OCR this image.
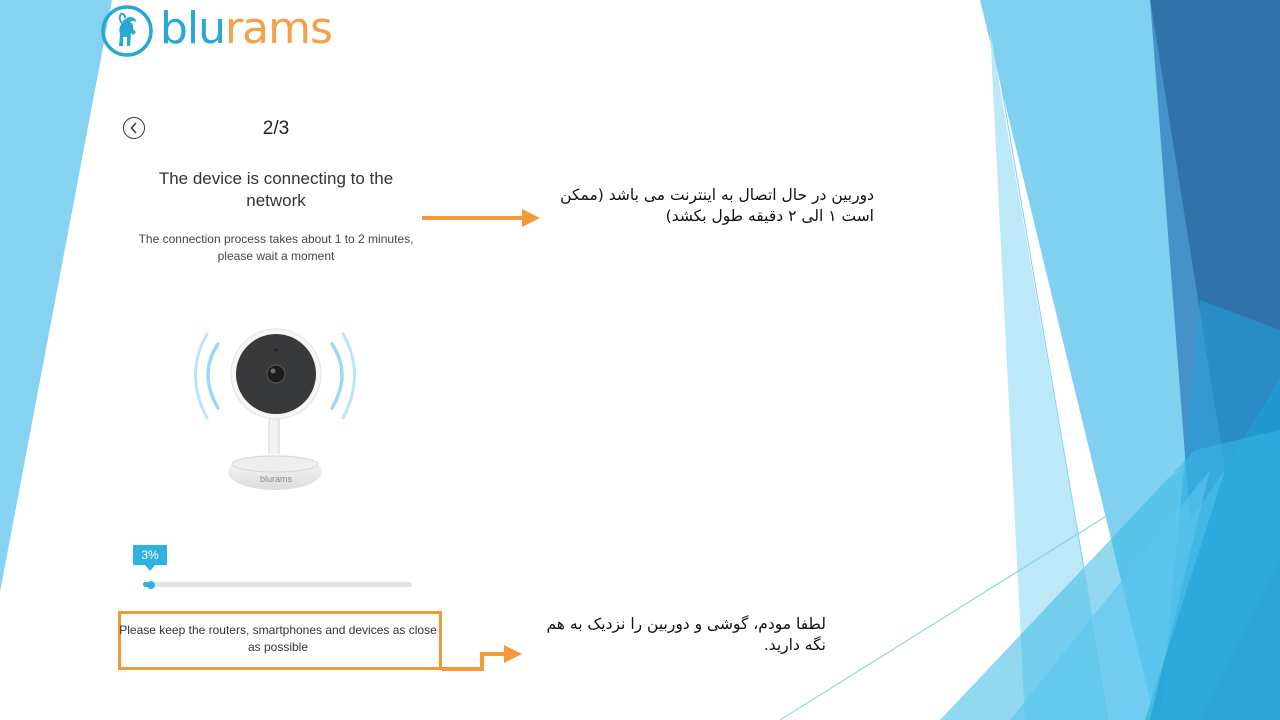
blurams
2/3
The device is connecting to the network
The connection process takes about 1 to 2 minutes, please wait a moment
blurams
3%
Please keep the routers, smartphones and devices as close as possible
دوربین در حال اتصال به اینترنت می باشد (ممکن است ۱ الی ۲ دقیقه طول بکشد)
لطفا مودم، گوشی و دوربین را نزدیک به هم نگه دارید.
